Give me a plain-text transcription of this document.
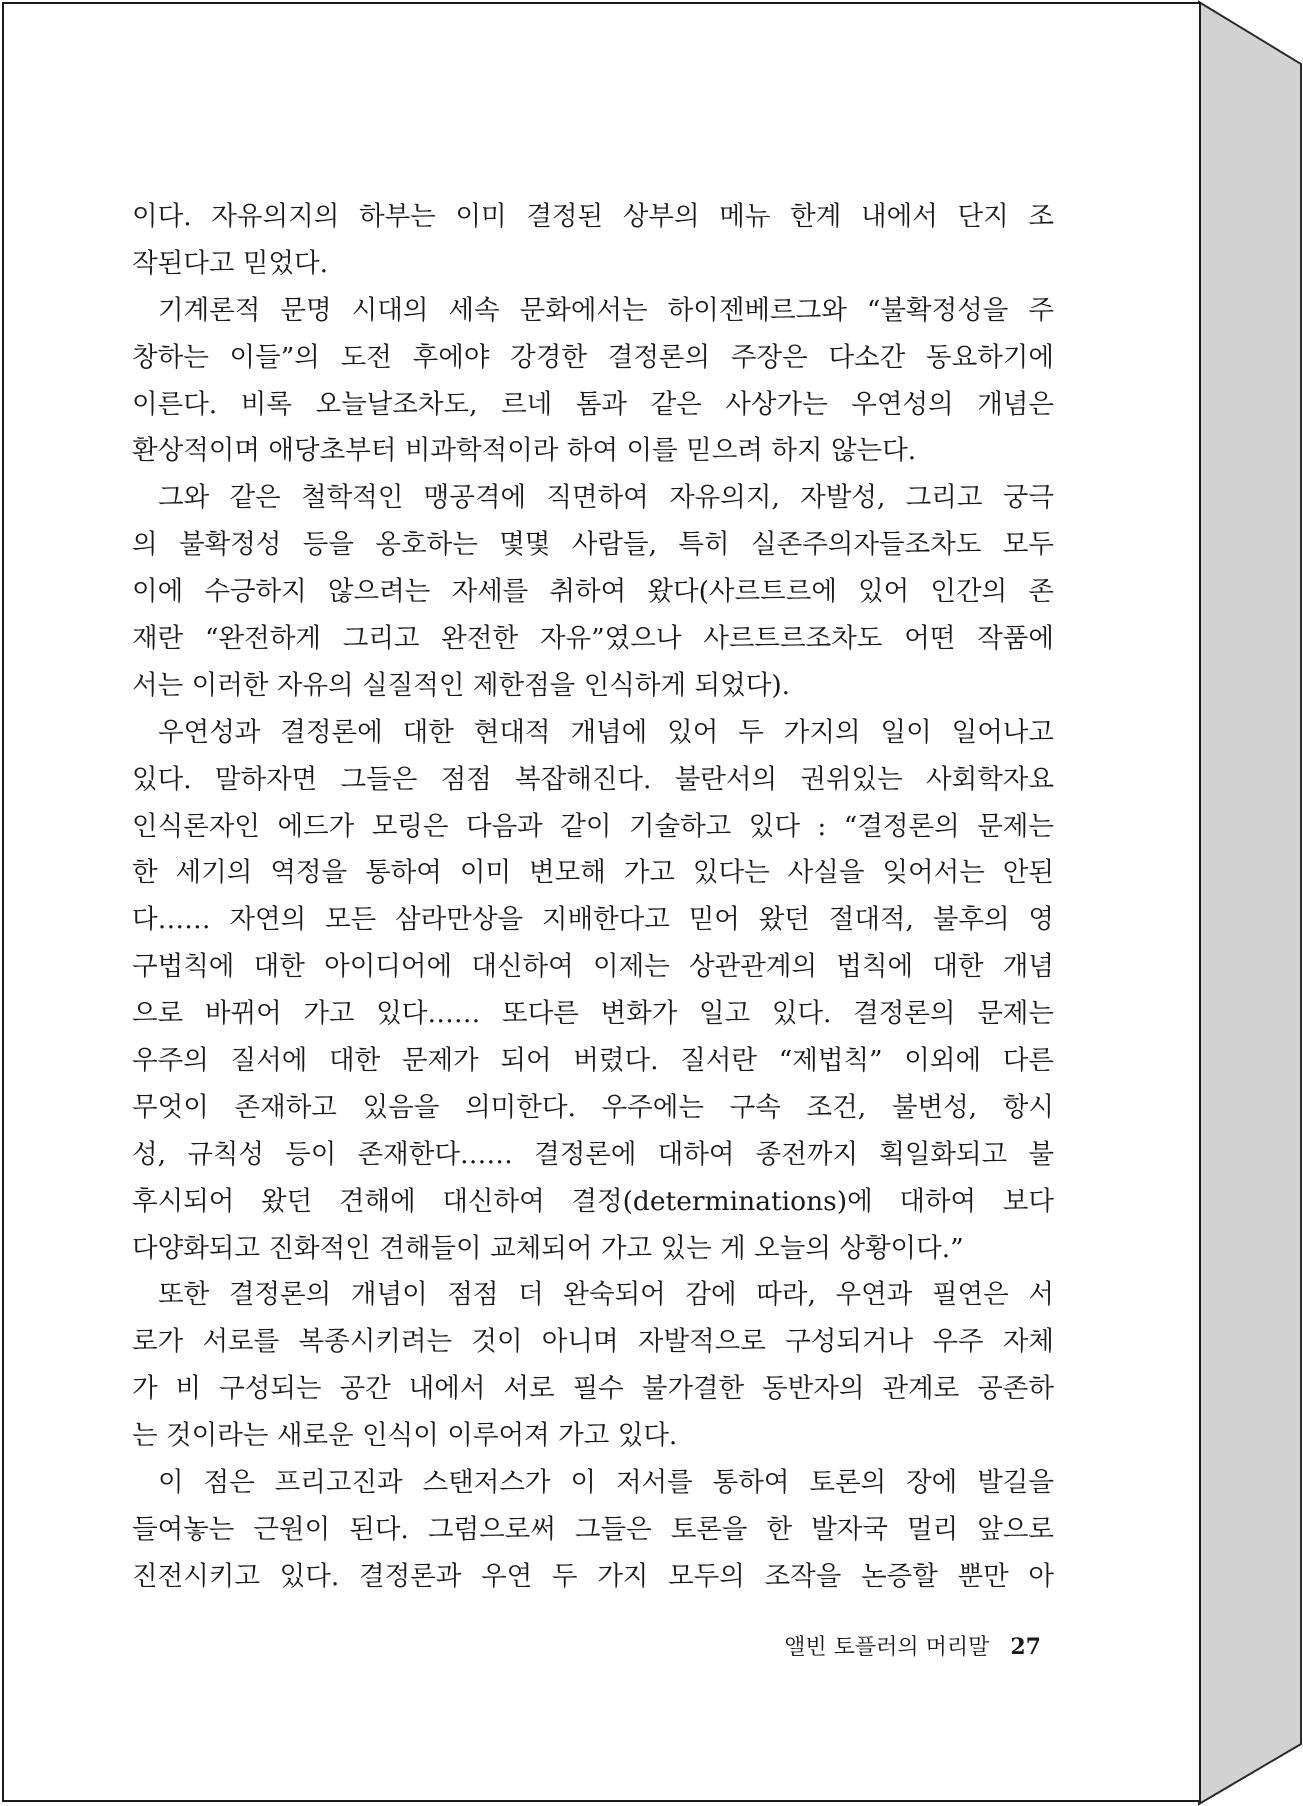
이다. 자유의지의 하부는 이미 결정된 상부의 메뉴 한계 내에서 단지 조
작된다고 믿었다.
기계론적 문명 시대의 세속 문화에서는 하이젠베르그와 “불확정성을 주
창하는 이들”의 도전 후에야 강경한 결정론의 주장은 다소간 동요하기에
이른다. 비록 오늘날조차도, 르네 톰과 같은 사상가는 우연성의 개념은
환상적이며 애당초부터 비과학적이라 하여 이를 믿으려 하지 않는다.
그와 같은 철학적인 맹공격에 직면하여 자유의지, 자발성, 그리고 궁극
의 불확정성 등을 옹호하는 몇몇 사람들, 특히 실존주의자들조차도 모두
이에 수긍하지 않으려는 자세를 취하여 왔다(사르트르에 있어 인간의 존
재란 “완전하게 그리고 완전한 자유”였으나 사르트르조차도 어떤 작품에
서는 이러한 자유의 실질적인 제한점을 인식하게 되었다).
우연성과 결정론에 대한 현대적 개념에 있어 두 가지의 일이 일어나고
있다. 말하자면 그들은 점점 복잡해진다. 불란서의 권위있는 사회학자요
인식론자인 에드가 모링은 다음과 같이 기술하고 있다 : “결정론의 문제는
한 세기의 역정을 통하여 이미 변모해 가고 있다는 사실을 잊어서는 안된
다…… 자연의 모든 삼라만상을 지배한다고 믿어 왔던 절대적, 불후의 영
구법칙에 대한 아이디어에 대신하여 이제는 상관관계의 법칙에 대한 개념
으로 바뀌어 가고 있다…… 또다른 변화가 일고 있다. 결정론의 문제는
우주의 질서에 대한 문제가 되어 버렸다. 질서란 “제법칙” 이외에 다른
무엇이 존재하고 있음을 의미한다. 우주에는 구속 조건, 불변성, 항시
성, 규칙성 등이 존재한다…… 결정론에 대하여 종전까지 획일화되고 불
후시되어 왔던 견해에 대신하여 결정(determinations)에 대하여 보다
다양화되고 진화적인 견해들이 교체되어 가고 있는 게 오늘의 상황이다.”
또한 결정론의 개념이 점점 더 완숙되어 감에 따라, 우연과 필연은 서
로가 서로를 복종시키려는 것이 아니며 자발적으로 구성되거나 우주 자체
가 비 구성되는 공간 내에서 서로 필수 불가결한 동반자의 관계로 공존하
는 것이라는 새로운 인식이 이루어져 가고 있다.
이 점은 프리고진과 스탠저스가 이 저서를 통하여 토론의 장에 발길을
들여놓는 근원이 된다. 그럼으로써 그들은 토론을 한 발자국 멀리 앞으로
진전시키고 있다. 결정론과 우연 두 가지 모두의 조작을 논증할 뿐만 아
앨빈 토플러의 머리말 27
